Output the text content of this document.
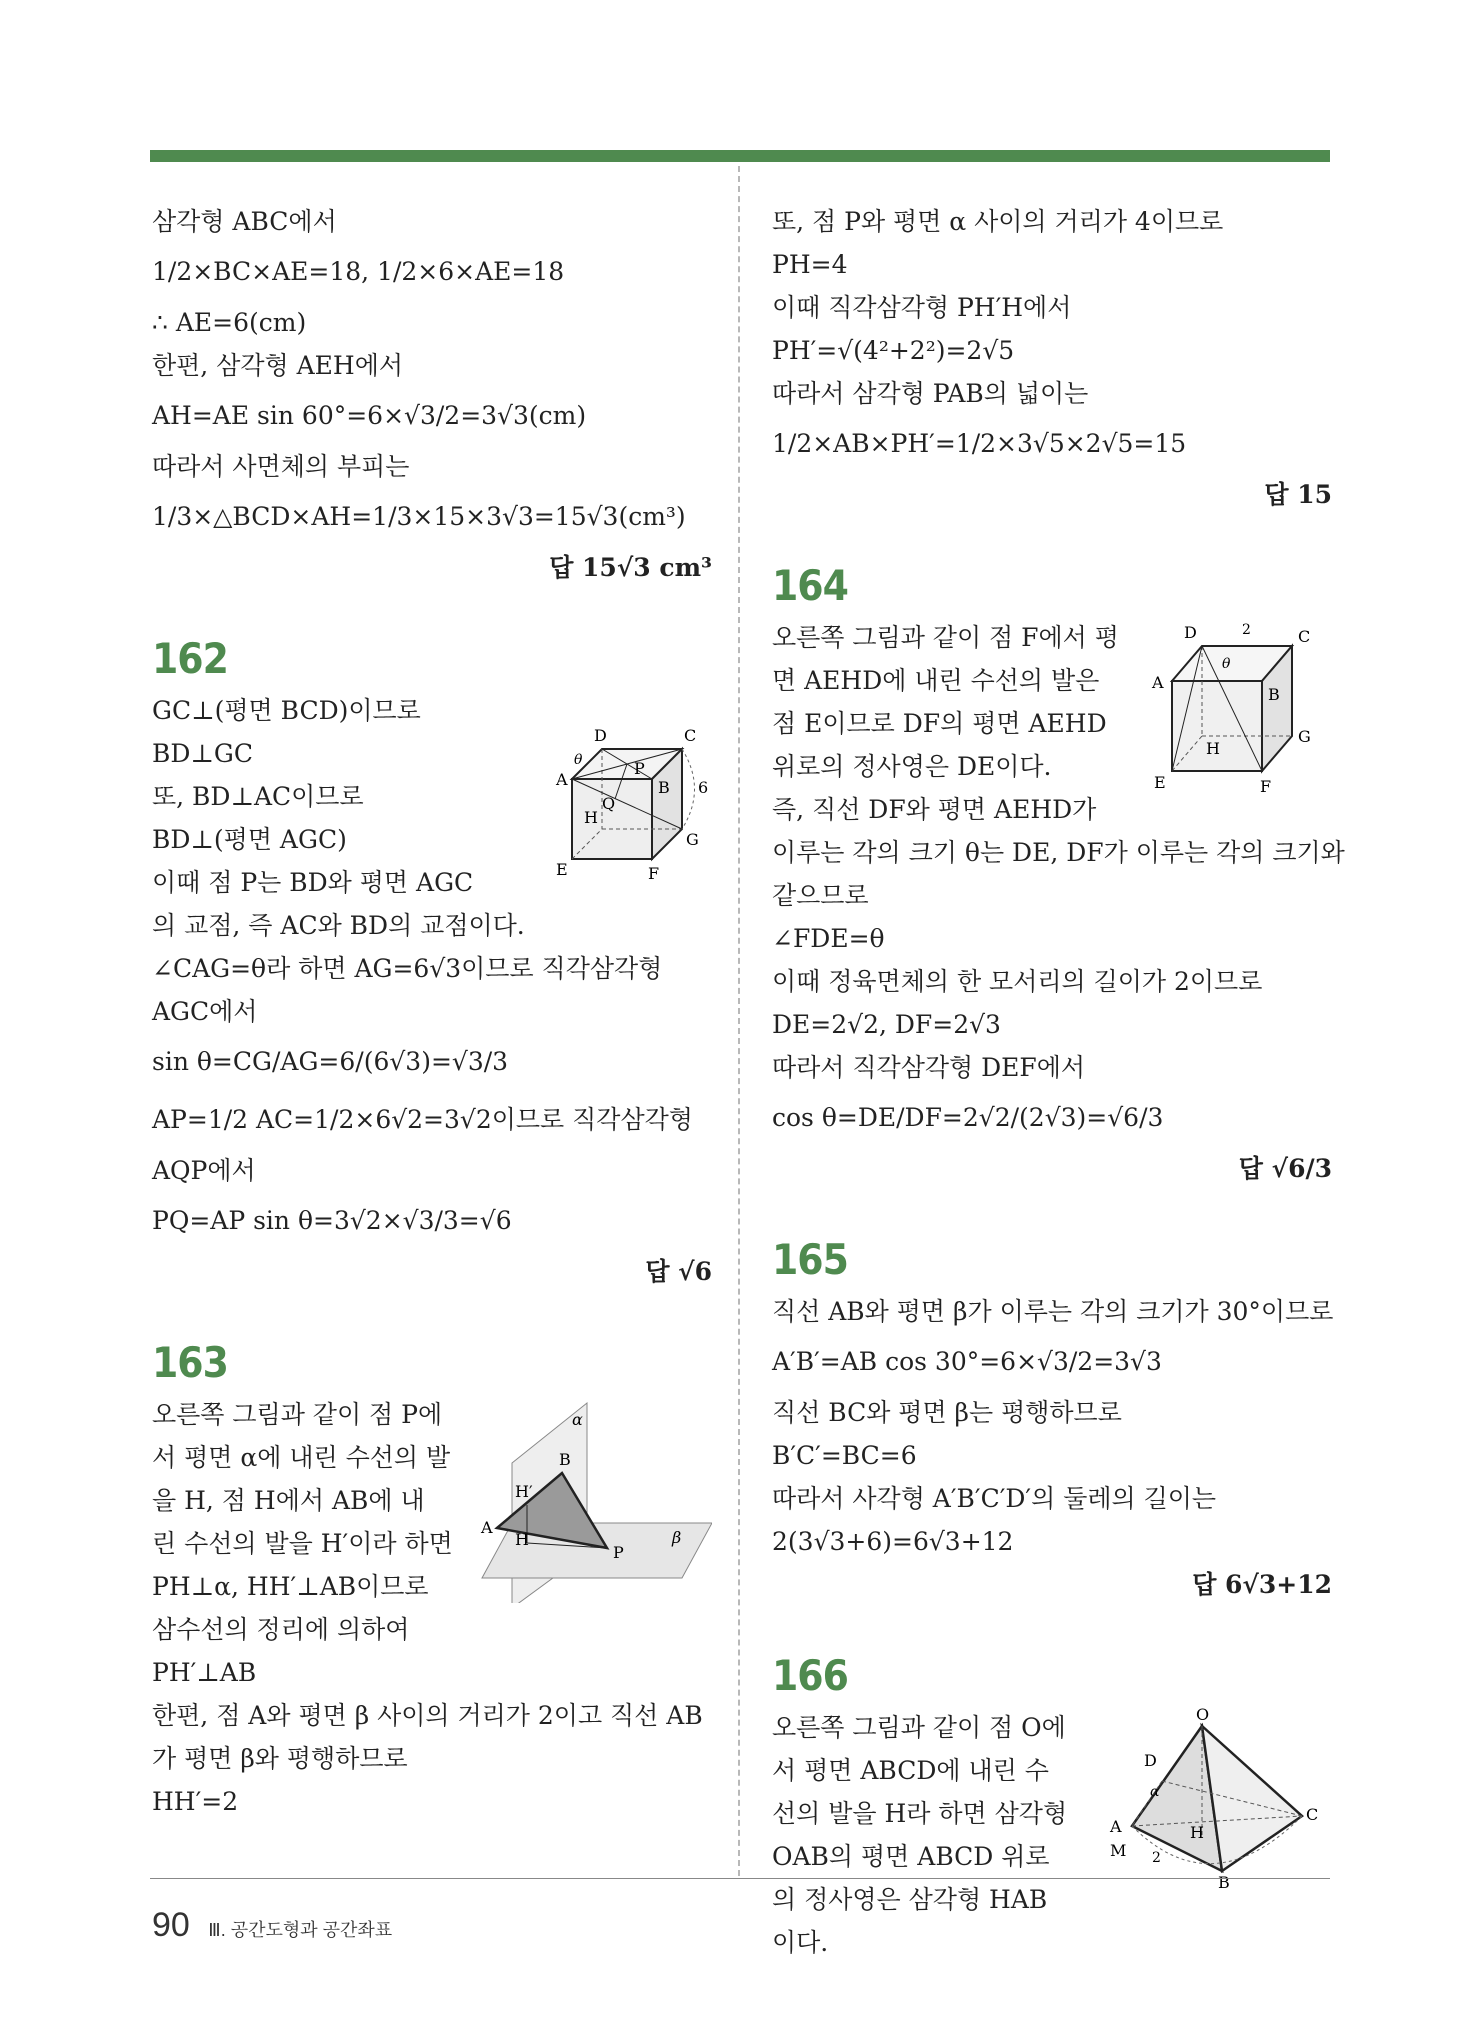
삼각형 ABC에서
1/2×BC×AE=18, 1/2×6×AE=18
∴ AE=6(cm)
한편, 삼각형 AEH에서
AH=AE sin 60°=6×√3/2=3√3(cm)
따라서 사면체의 부피는
1/3×△BCD×AH=1/3×15×3√3=15√3(cm³)
답 15√3 cm³
162
GC⊥(평면 BCD)이므로
BD⊥GC
또, BD⊥AC이므로
BD⊥(평면 AGC)
이때 점 P는 BD와 평면 AGC
D	C
A
θ	P
B
Q
H
6
G
E	F
의 교점, 즉 AC와 BD의 교점이다.
∠CAG=θ라 하면 AG=6√3이므로 직각삼각형
AGC에서
sin θ=CG/AG=6/(6√3)=√3/3
AP=1/2 AC=1/2×6√2=3√2이므로 직각삼각형
AQP에서
PQ=AP sin θ=3√2×√3/3=√6
답 √6
163
오른쪽 그림과 같이 점 P에
서 평면 α에 내린 수선의 발
을 H, 점 H에서 AB에 내
린 수선의 발을 H′이라 하면
PH⊥α, HH′⊥AB이므로
삼수선의 정리에 의하여
α
B
H′
A
H	β
P
PH′⊥AB
한편, 점 A와 평면 β 사이의 거리가 2이고 직선 AB
가 평면 β와 평행하므로
HH′=2
또, 점 P와 평면 α 사이의 거리가 4이므로
PH=4
이때 직각삼각형 PH′H에서
PH′=√(4²+2²)=2√5
따라서 삼각형 PAB의 넓이는
1/2×AB×PH′=1/2×3√5×2√5=15
답 15
164
오른쪽 그림과 같이 점 F에서 평
면 AEHD에 내린 수선의 발은
점 E이므로 DF의 평면 AEHD
위로의 정사영은 DE이다.
즉, 직선 DF와 평면 AEHD가
D	2	C
θ
A
B
G
H
E	F
이루는 각의 크기 θ는 DE, DF가 이루는 각의 크기와
같으므로
∠FDE=θ
이때 정육면체의 한 모서리의 길이가 2이므로
DE=2√2, DF=2√3
따라서 직각삼각형 DEF에서
cos θ=DE/DF=2√2/(2√3)=√6/3
답 √6/3
165
직선 AB와 평면 β가 이루는 각의 크기가 30°이므로
A′B′=AB cos 30°=6×√3/2=3√3
직선 BC와 평면 β는 평행하므로
B′C′=BC=6
따라서 사각형 A′B′C′D′의 둘레의 길이는
2(3√3+6)=6√3+12
답 6√3+12
166
오른쪽 그림과 같이 점 O에
서 평면 ABCD에 내린 수
선의 발을 H라 하면 삼각형
OAB의 평면 ABCD 위로
의 정사영은 삼각형 HAB
이다.
O
D
α
A	H
C
M 2
B
90 Ⅲ. 공간도형과 공간좌표
